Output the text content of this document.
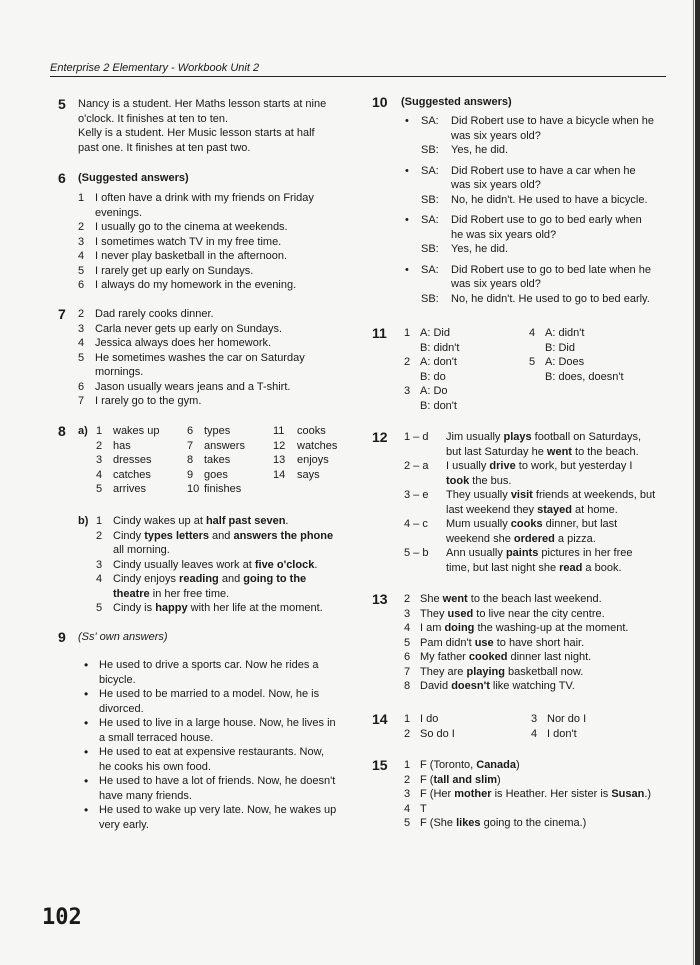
Enterprise 2 Elementary - Workbook Unit 2
5 Nancy is a student. Her Maths lesson starts at nine
o'clock. It finishes at ten to ten.
Kelly is a student. Her Music lesson starts at half
past one. It finishes at ten past two.
6 (Suggested answers)
1 I often have a drink with my friends on Friday
evenings.
2 I usually go to the cinema at weekends.
3 I sometimes watch TV in my free time.
4 I never play basketball in the afternoon.
5 I rarely get up early on Sundays.
6 I always do my homework in the evening.
7 2 Dad rarely cooks dinner.
3 Carla never gets up early on Sundays.
4 Jessica always does her homework.
5 He sometimes washes the car on Saturday
mornings.
6 Jason usually wears jeans and a T-shirt.
7 I rarely go to the gym.
8 a) 1 wakes up
2 has
3 dresses
4 catches
5 arrives
6 types
7 answers
8 takes
9 goes
10 finishes
11 cooks
12 watches
13 enjoys
14 says
b) 1 Cindy wakes up at half past seven.
2 Cindy types letters and answers the phone
all morning.
3 Cindy usually leaves work at five o'clock.
4 Cindy enjoys reading and going to the
theatre in her free time.
5 Cindy is happy with her life at the moment.
9 (Ss' own answers)
• He used to drive a sports car. Now he rides a
bicycle.
• He used to be married to a model. Now, he is
divorced.
• He used to live in a large house. Now, he lives in
a small terraced house.
• He used to eat at expensive restaurants. Now,
he cooks his own food.
• He used to have a lot of friends. Now, he doesn't
have many friends.
• He used to wake up very late. Now, he wakes up
very early.
102
10 (Suggested answers)
• SA: Did Robert use to have a bicycle when he
was six years old?
SB: Yes, he did.
• SA: Did Robert use to have a car when he
was six years old?
SB: No, he didn't. He used to have a bicycle.
• SA: Did Robert use to go to bed early when
he was six years old?
SB: Yes, he did.
• SA: Did Robert use to go to bed late when he
was six years old?
SB: No, he didn't. He used to go to bed early.
11 1 A: Did
B: didn't
2 A: don't
B: do
3 A: Do
B: don't
4 A: didn't
B: Did
5 A: Does
B: does, doesn't
12 1 – d Jim usually plays football on Saturdays,
but last Saturday he went to the beach.
2 – a I usually drive to work, but yesterday I
took the bus.
3 – e They usually visit friends at weekends, but
last weekend they stayed at home.
4 – c Mum usually cooks dinner, but last
weekend she ordered a pizza.
5 – b Ann usually paints pictures in her free
time, but last night she read a book.
13 2 She went to the beach last weekend.
3 They used to live near the city centre.
4 I am doing the washing-up at the moment.
5 Pam didn't use to have short hair.
6 My father cooked dinner last night.
7 They are playing basketball now.
8 David doesn't like watching TV.
14 1 I do
2 So do I
3 Nor do I
4 I don't
15 1 F (Toronto, Canada)
2 F (tall and slim)
3 F (Her mother is Heather. Her sister is Susan.)
4 T
5 F (She likes going to the cinema.)
